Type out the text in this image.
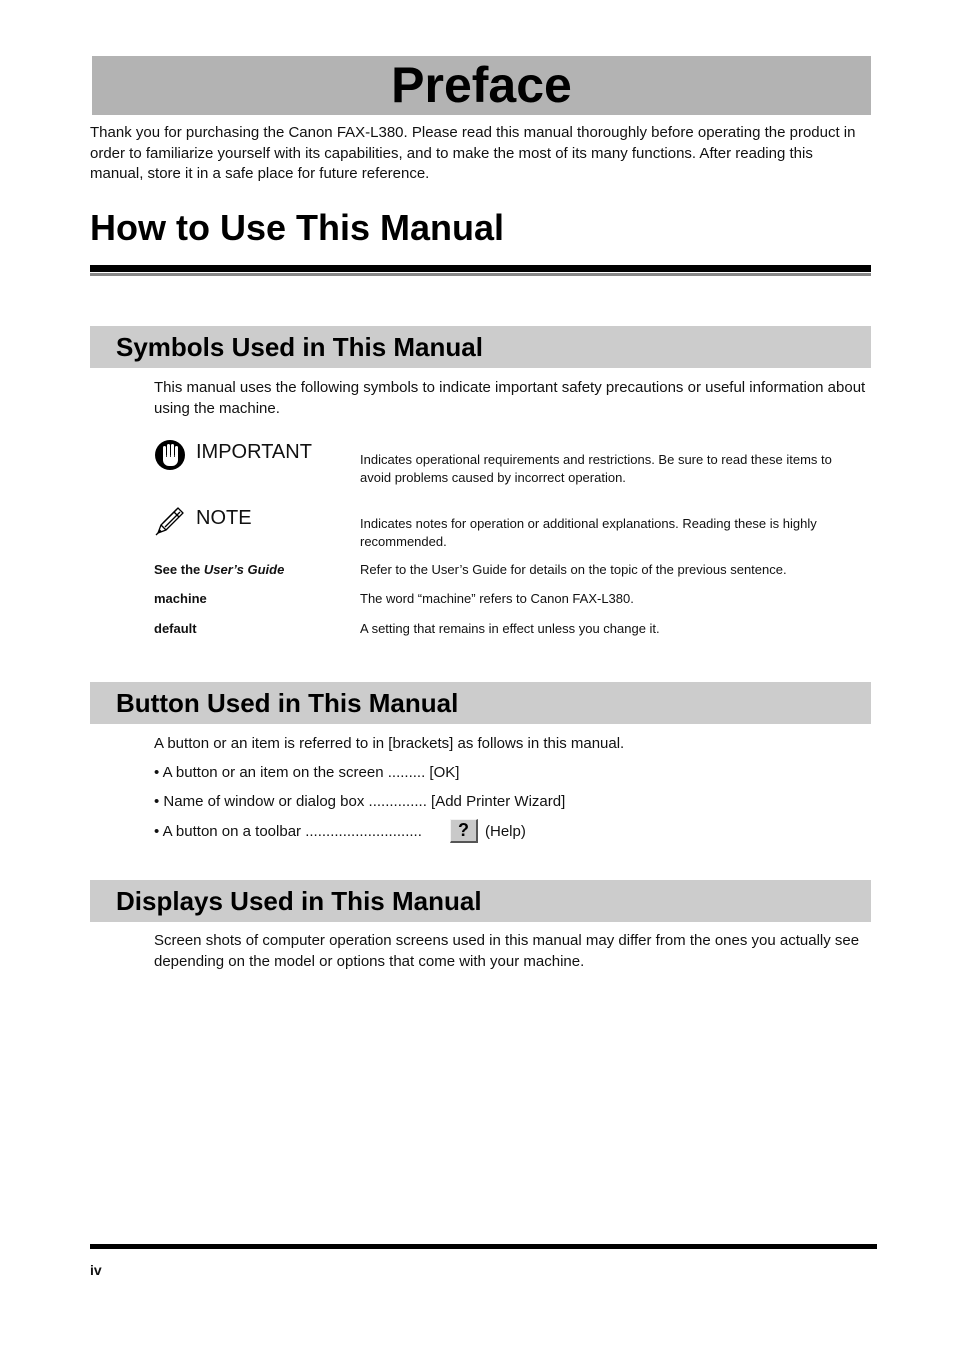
Preface
Thank you for purchasing the Canon FAX-L380. Please read this manual thoroughly before operating the product in order to familiarize yourself with its capabilities, and to make the most of its many functions. After reading this manual, store it in a safe place for future reference.
How to Use This Manual
Symbols Used in This Manual
This manual uses the following symbols to indicate important safety precautions or useful information about using the machine.
IMPORTANT	Indicates operational requirements and restrictions. Be sure to read these items to avoid problems caused by incorrect operation.
NOTE	Indicates notes for operation or additional explanations. Reading these is highly recommended.
See the User’s Guide	Refer to the User’s Guide for details on the topic of the previous sentence.
machine	The word “machine” refers to Canon FAX-L380.
default	A setting that remains in effect unless you change it.
Button Used in This Manual
A button or an item is referred to in [brackets] as follows in this manual.
• A button or an item on the screen ......... [OK]
• Name of window or dialog box .............. [Add Printer Wizard]
• A button on a toolbar ............................	?	(Help)
Displays Used in This Manual
Screen shots of computer operation screens used in this manual may differ from the ones you actually see depending on the model or options that come with your machine.
iv
